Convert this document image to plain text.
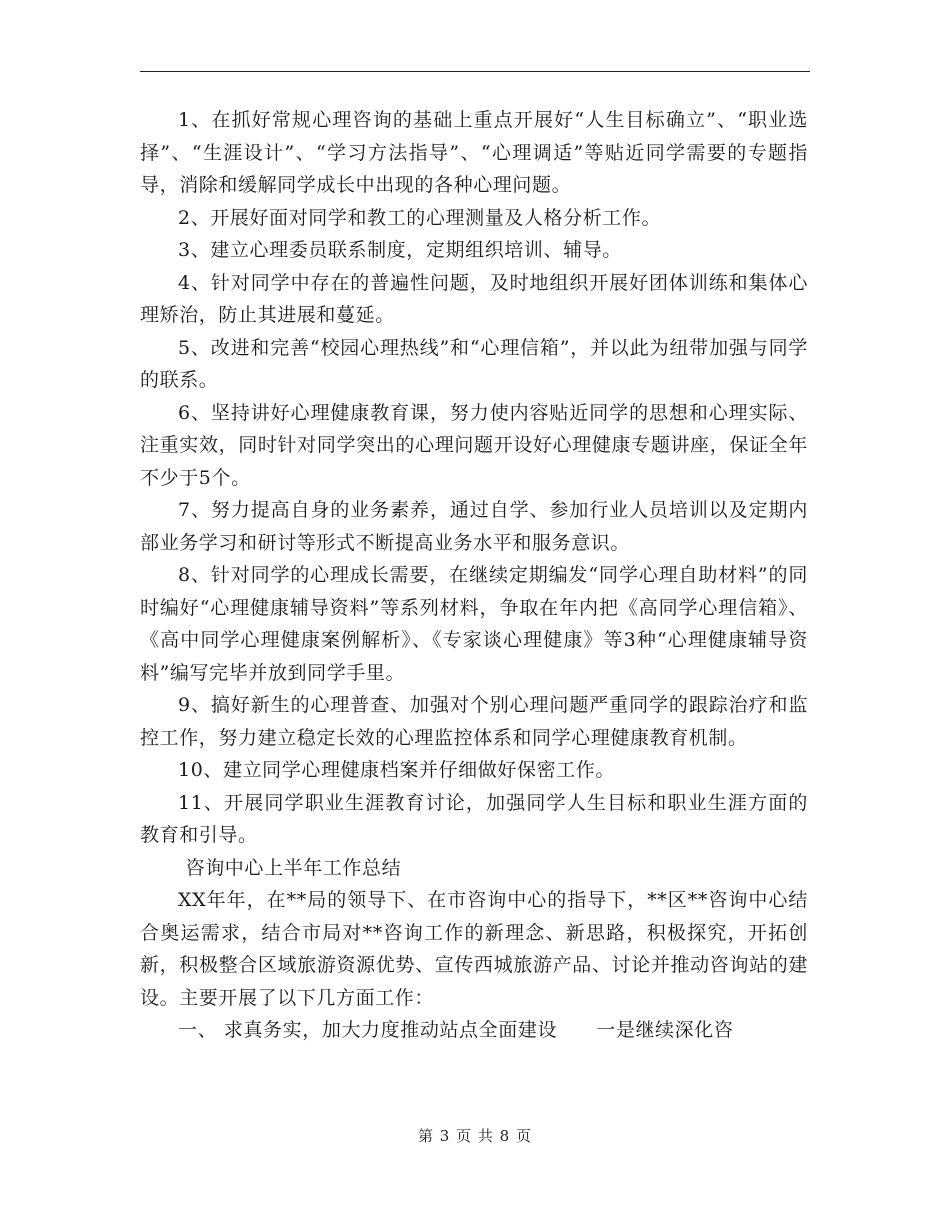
1、在抓好常规心理咨询的基础上重点开展好“人生目标确立”、“职业选择”、“生涯设计”、“学习方法指导”、“心理调适”等贴近同学需要的专题指导，消除和缓解同学成长中出现的各种心理问题。

2、开展好面对同学和教工的心理测量及人格分析工作。

3、建立心理委员联系制度，定期组织培训、辅导。

4、针对同学中存在的普遍性问题，及时地组织开展好团体训练和集体心理矫治，防止其进展和蔓延。

5、改进和完善“校园心理热线”和“心理信箱”，并以此为纽带加强与同学的联系。

6、坚持讲好心理健康教育课，努力使内容贴近同学的思想和心理实际、注重实效，同时针对同学突出的心理问题开设好心理健康专题讲座，保证全年不少于5个。

7、努力提高自身的业务素养，通过自学、参加行业人员培训以及定期内部业务学习和研讨等形式不断提高业务水平和服务意识。

8、针对同学的心理成长需要，在继续定期编发“同学心理自助材料”的同时编好“心理健康辅导资料”等系列材料，争取在年内把《高同学心理信箱》、《高中同学心理健康案例解析》、《专家谈心理健康》等3种“心理健康辅导资料”编写完毕并放到同学手里。

9、搞好新生的心理普查、加强对个别心理问题严重同学的跟踪治疗和监控工作，努力建立稳定长效的心理监控体系和同学心理健康教育机制。

10、建立同学心理健康档案并仔细做好保密工作。

11、开展同学职业生涯教育讨论，加强同学人生目标和职业生涯方面的教育和引导。

咨询中心上半年工作总结

XX年年，在**局的领导下、在市咨询中心的指导下，**区**咨询中心结合奥运需求，结合市局对**咨询工作的新理念、新思路，积极探究，开拓创新，积极整合区域旅游资源优势、宣传西城旅游产品、讨论并推动咨询站的建设。主要开展了以下几方面工作：

一、 求真务实，加大力度推动站点全面建设　　一是继续深化咨

第 3 页 共 8 页
